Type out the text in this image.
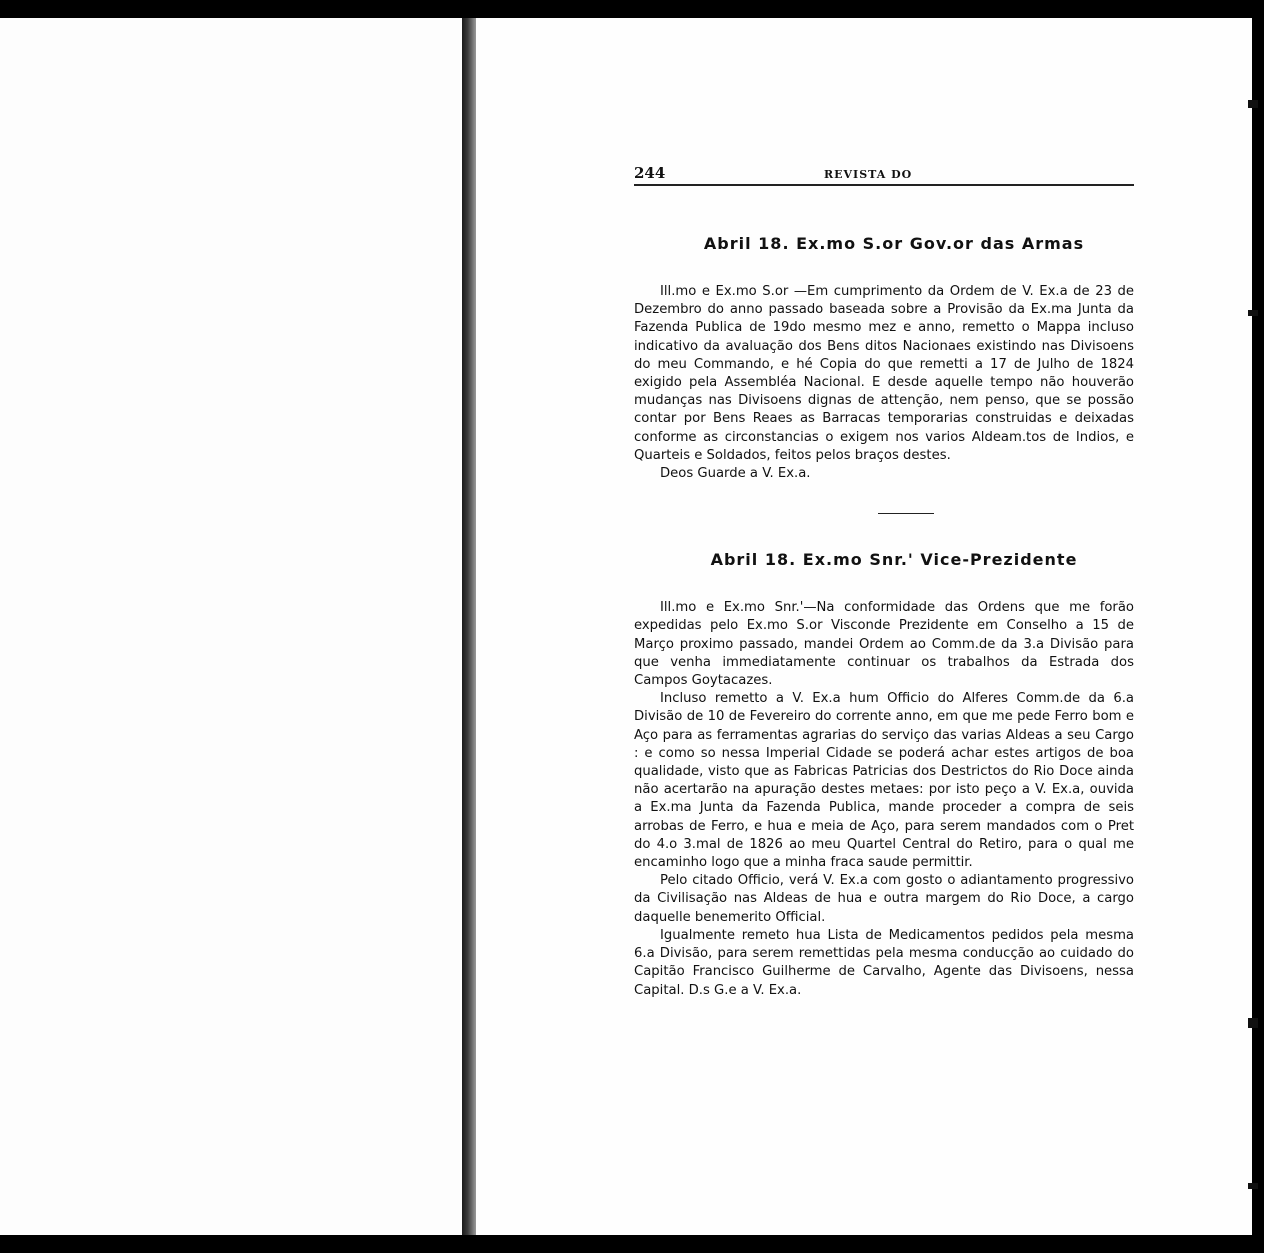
244	REVISTA DO
Abril 18. Ex.mo S.or Gov.or das Armas

Ill.mo e Ex.mo S.or —Em cumprimento da Ordem de V. Ex.a de 23 de Dezembro do anno passado baseada sobre a Provisão da Ex.ma Junta da Fazenda Publica de 19do mesmo mez e anno, remetto o Mappa incluso indicativo da avaluação dos Bens ditos Nacionaes existindo nas Divisoens do meu Commando, e hé Copia do que remetti a 17 de Julho de 1824 exigido pela Assembléa Nacional. E desde aquelle tempo não houverão mudanças nas Divisoens dignas de attenção, nem penso, que se possão contar por Bens Reaes as Barracas temporarias construidas e deixadas conforme as circonstancias o exigem nos varios Aldeam.tos de Indios, e Quarteis e Soldados, feitos pelos braços destes.

Deos Guarde a V. Ex.a.

Abril 18. Ex.mo Snr.' Vice-Prezidente

Ill.mo e Ex.mo Snr.'—Na conformidade das Ordens que me forão expedidas pelo Ex.mo S.or Visconde Prezidente em Conselho a 15 de Março proximo passado, mandei Ordem ao Comm.de da 3.a Divisão para que venha immediatamente continuar os trabalhos da Estrada dos Campos Goytacazes.

Incluso remetto a V. Ex.a hum Officio do Alferes Comm.de da 6.a Divisão de 10 de Fevereiro do corrente anno, em que me pede Ferro bom e Aço para as ferramentas agrarias do serviço das varias Aldeas a seu Cargo : e como so nessa Imperial Cidade se poderá achar estes artigos de boa qualidade, visto que as Fabricas Patricias dos Destrictos do Rio Doce ainda não acertarão na apuração destes metaes: por isto peço a V. Ex.a, ouvida a Ex.ma Junta da Fazenda Publica, mande proceder a compra de seis arrobas de Ferro, e hua e meia de Aço, para serem mandados com o Pret do 4.o 3.mal de 1826 ao meu Quartel Central do Retiro, para o qual me encaminho logo que a minha fraca saude permittir.

Pelo citado Officio, verá V. Ex.a com gosto o adiantamento progressivo da Civilisação nas Aldeas de hua e outra margem do Rio Doce, a cargo daquelle benemerito Official.

Igualmente remeto hua Lista de Medicamentos pedidos pela mesma 6.a Divisão, para serem remettidas pela mesma conducção ao cuidado do Capitão Francisco Guilherme de Carvalho, Agente das Divisoens, nessa Capital. D.s G.e a V. Ex.a.
